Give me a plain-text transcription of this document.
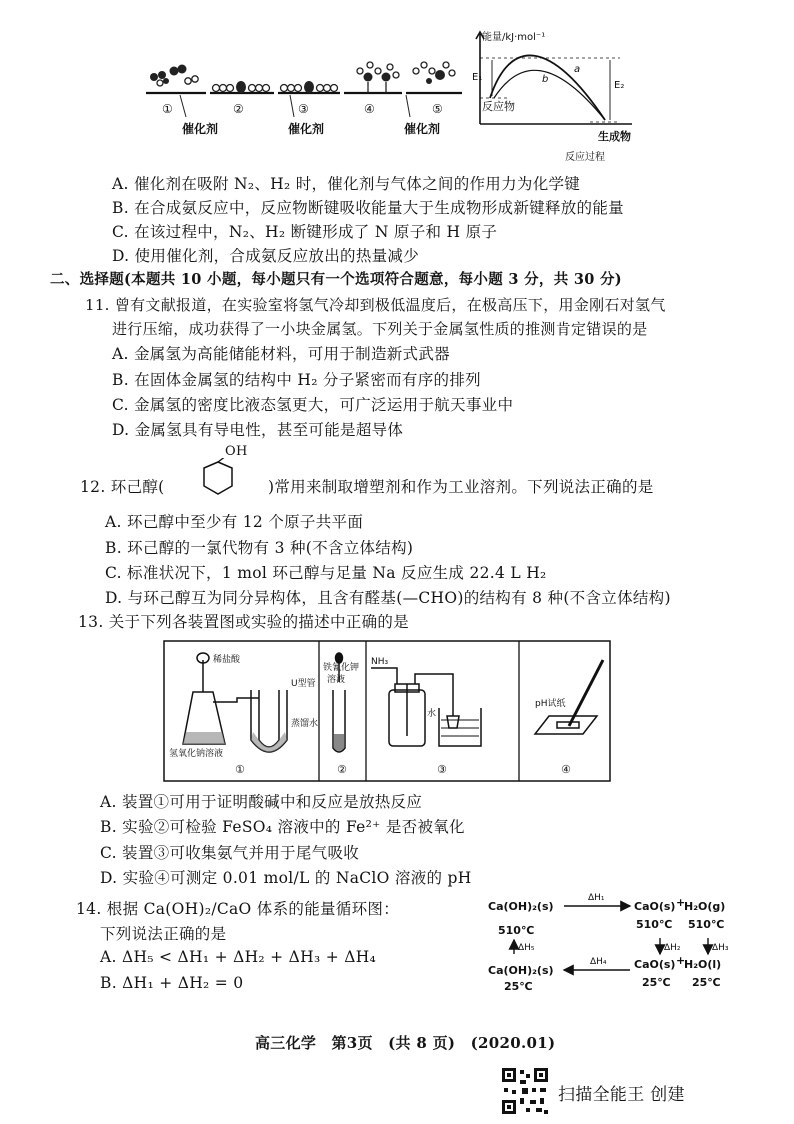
①	②	③	④	⑤
催化剂	催化剂	催化剂
能量/kJ·mol⁻¹
E₁
E₂
a
b
反应物
生成物
反应过程
A. 催化剂在吸附 N₂、H₂ 时，催化剂与气体之间的作用力为化学键
B. 在合成氨反应中，反应物断键吸收能量大于生成物形成新键释放的能量
C. 在该过程中，N₂、H₂ 断键形成了 N 原子和 H 原子
D. 使用催化剂，合成氨反应放出的热量减少
二、选择题(本题共 10 小题，每小题只有一个选项符合题意，每小题 3 分，共 30 分)
11. 曾有文献报道，在实验室将氢气冷却到极低温度后，在极高压下，用金刚石对氢气
进行压缩，成功获得了一小块金属氢。下列关于金属氢性质的推测肯定错误的是
A. 金属氢为高能储能材料，可用于制造新式武器
B. 在固体金属氢的结构中 H₂ 分子紧密而有序的排列
C. 金属氢的密度比液态氢更大，可广泛运用于航天事业中
D. 金属氢具有导电性，甚至可能是超导体
OH
12. 环己醇(	)常用来制取增塑剂和作为工业溶剂。下列说法正确的是
A. 环己醇中至少有 12 个原子共平面
B. 环己醇的一氯代物有 3 种(不含立体结构)
C. 标准状况下，1 mol 环己醇与足量 Na 反应生成 22.4 L H₂
D. 与环己醇互为同分异构体，且含有醛基(—CHO)的结构有 8 种(不含立体结构)
13. 关于下列各装置图或实验的描述中正确的是
稀盐酸
U型管
蒸馏水
氢氧化钠溶液
①
铁氰化钾
溶液
②
NH₃
水
③
pH试纸
④
A. 装置①可用于证明酸碱中和反应是放热反应
B. 实验②可检验 FeSO₄ 溶液中的 Fe²⁺ 是否被氧化
C. 装置③可收集氨气并用于尾气吸收
D. 实验④可测定 0.01 mol/L 的 NaClO 溶液的 pH
14. 根据 Ca(OH)₂/CaO 体系的能量循环图：
下列说法正确的是
A. ΔH₅ < ΔH₁ + ΔH₂ + ΔH₃ + ΔH₄
B. ΔH₁ + ΔH₂ = 0
Ca(OH)₂(s)	CaO(s) +
H₂O(g)
510℃	510℃ 510℃
Ca(OH)₂(s)	CaO(s) +
H₂O(l)
25℃	25℃ 25℃
ΔH₁
ΔH₂	ΔH₃
ΔH₄
ΔH₅
高三化学　第3页　(共 8 页)　(2020.01)
扫描全能王 创建
